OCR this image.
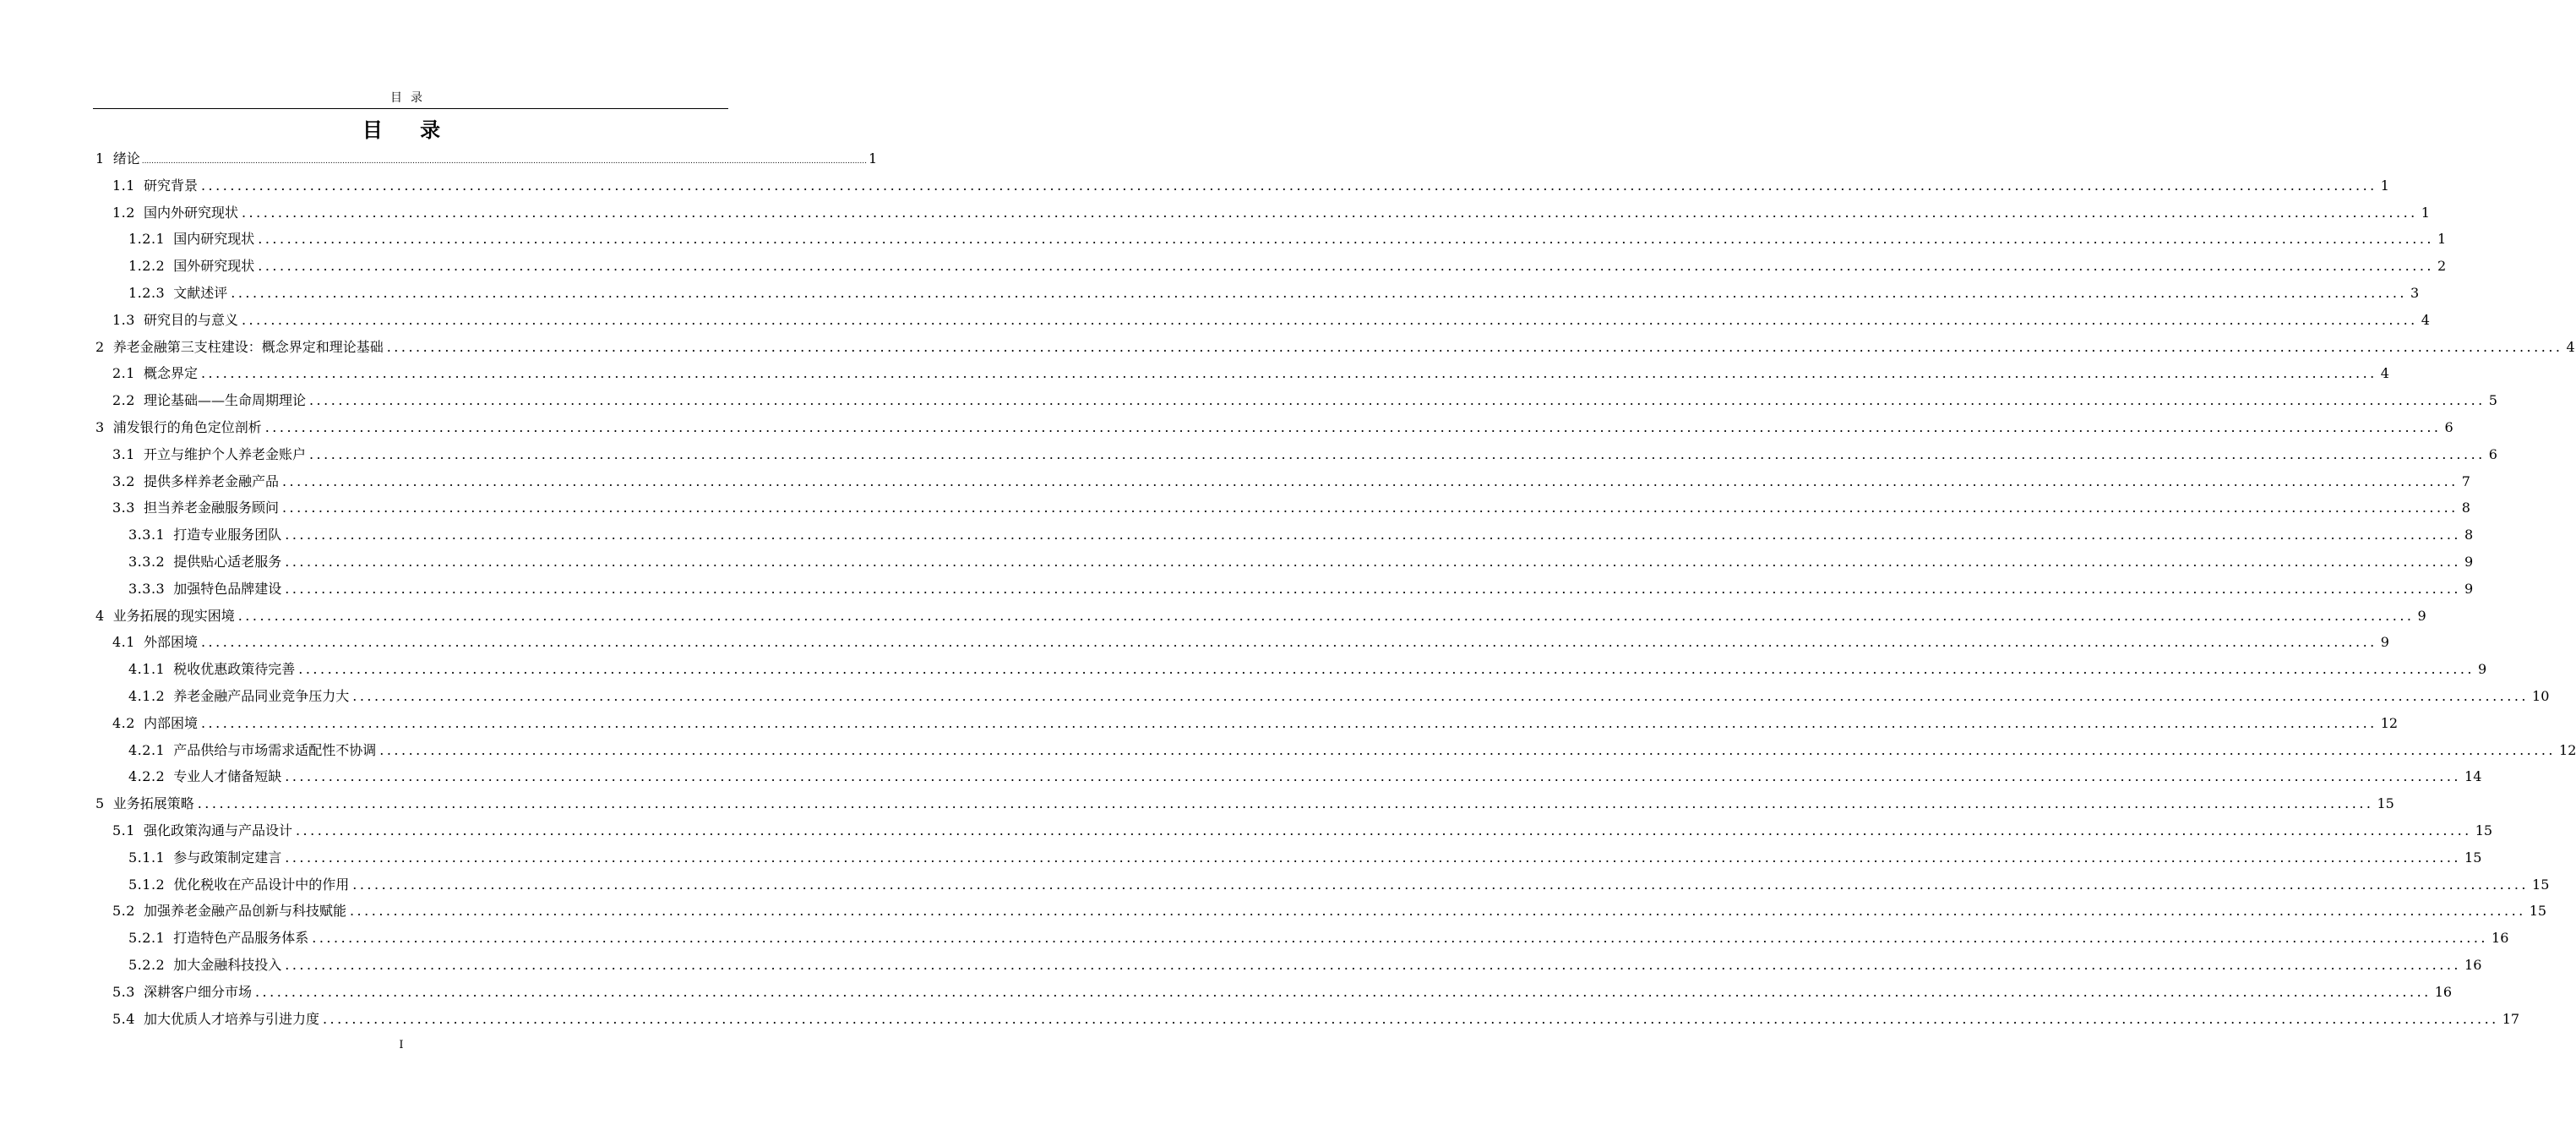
目录
目 录
1 绪论 ............................................................................................................................................................................................................................................................................................................ 1
1.1 研究背景 ............................................................................................................................................................................................................................................................................................................ 1
1.2 国内外研究现状 ............................................................................................................................................................................................................................................................................................................ 1
1.2.1 国内研究现状 ............................................................................................................................................................................................................................................................................................................ 1
1.2.2 国外研究现状 ............................................................................................................................................................................................................................................................................................................ 2
1.2.3 文献述评 ............................................................................................................................................................................................................................................................................................................ 3
1.3 研究目的与意义 ............................................................................................................................................................................................................................................................................................................ 4
2 养老金融第三支柱建设：概念界定和理论基础 ............................................................................................................................................................................................................................................................................................................ 4
2.1 概念界定 ............................................................................................................................................................................................................................................................................................................ 4
2.2 理论基础——生命周期理论 ............................................................................................................................................................................................................................................................................................................ 5
3 浦发银行的角色定位剖析 ............................................................................................................................................................................................................................................................................................................ 6
3.1 开立与维护个人养老金账户 ............................................................................................................................................................................................................................................................................................................ 6
3.2 提供多样养老金融产品 ............................................................................................................................................................................................................................................................................................................ 7
3.3 担当养老金融服务顾问 ............................................................................................................................................................................................................................................................................................................ 8
3.3.1 打造专业服务团队 ............................................................................................................................................................................................................................................................................................................ 8
3.3.2 提供贴心适老服务 ............................................................................................................................................................................................................................................................................................................ 9
3.3.3 加强特色品牌建设 ............................................................................................................................................................................................................................................................................................................ 9
4 业务拓展的现实困境 ............................................................................................................................................................................................................................................................................................................ 9
4.1 外部困境 ............................................................................................................................................................................................................................................................................................................ 9
4.1.1 税收优惠政策待完善 ............................................................................................................................................................................................................................................................................................................ 9
4.1.2 养老金融产品同业竞争压力大 ............................................................................................................................................................................................................................................................................................................ 10
4.2 内部困境 ............................................................................................................................................................................................................................................................................................................ 12
4.2.1 产品供给与市场需求适配性不协调 ............................................................................................................................................................................................................................................................................................................ 12
4.2.2 专业人才储备短缺 ............................................................................................................................................................................................................................................................................................................ 14
5 业务拓展策略 ............................................................................................................................................................................................................................................................................................................ 15
5.1 强化政策沟通与产品设计 ............................................................................................................................................................................................................................................................................................................ 15
5.1.1 参与政策制定建言 ............................................................................................................................................................................................................................................................................................................ 15
5.1.2 优化税收在产品设计中的作用 ............................................................................................................................................................................................................................................................................................................ 15
5.2 加强养老金融产品创新与科技赋能 ............................................................................................................................................................................................................................................................................................................ 15
5.2.1 打造特色产品服务体系 ............................................................................................................................................................................................................................................................................................................ 16
5.2.2 加大金融科技投入 ............................................................................................................................................................................................................................................................................................................ 16
5.3 深耕客户细分市场 ............................................................................................................................................................................................................................................................................................................ 16
5.4 加大优质人才培养与引进力度 ............................................................................................................................................................................................................................................................................................................ 17
I
